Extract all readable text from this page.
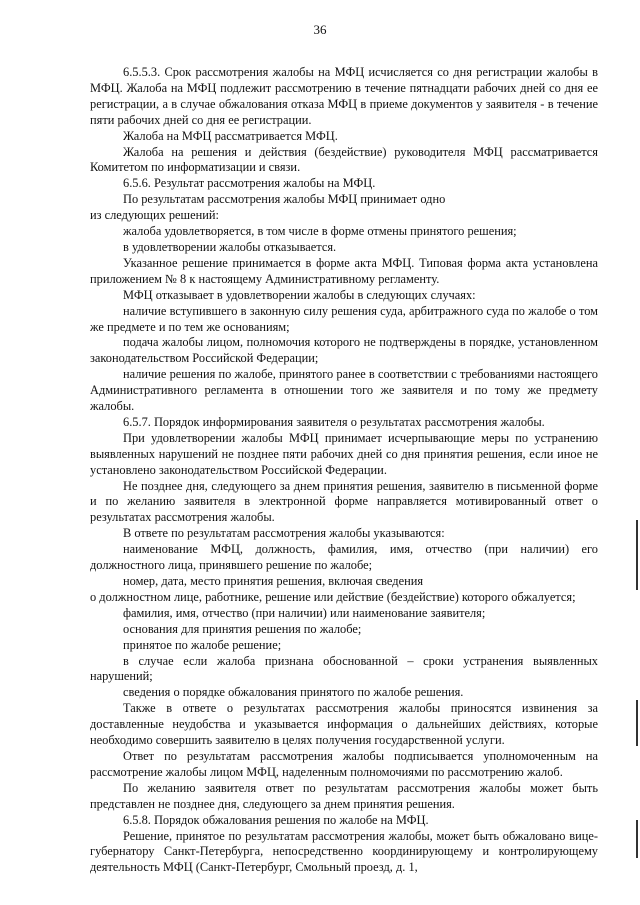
36

6.5.5.3. Срок рассмотрения жалобы на МФЦ исчисляется со дня регистрации жалобы в МФЦ. Жалоба на МФЦ подлежит рассмотрению в течение пятнадцати рабочих дней со дня ее регистрации, а в случае обжалования отказа МФЦ в приеме документов у заявителя - в течение пяти рабочих дней со дня ее регистрации.

Жалоба на МФЦ рассматривается МФЦ.

Жалоба на решения и действия (бездействие) руководителя МФЦ рассматривается Комитетом по информатизации и связи.

6.5.6. Результат рассмотрения жалобы на МФЦ.

По результатам рассмотрения жалобы МФЦ принимает одно

из следующих решений:

жалоба удовлетворяется, в том числе в форме отмены принятого решения;

в удовлетворении жалобы отказывается.

Указанное решение принимается в форме акта МФЦ. Типовая форма акта установлена приложением № 8 к настоящему Административному регламенту.

МФЦ отказывает в удовлетворении жалобы в следующих случаях:

наличие вступившего в законную силу решения суда, арбитражного суда по жалобе о том же предмете и по тем же основаниям;

подача жалобы лицом, полномочия которого не подтверждены в порядке, установленном законодательством Российской Федерации;

наличие решения по жалобе, принятого ранее в соответствии с требованиями настоящего Административного регламента в отношении того же заявителя и по тому же предмету жалобы.

6.5.7. Порядок информирования заявителя о результатах рассмотрения жалобы.

При удовлетворении жалобы МФЦ принимает исчерпывающие меры по устранению выявленных нарушений не позднее пяти рабочих дней со дня принятия решения, если иное не установлено законодательством Российской Федерации.

Не позднее дня, следующего за днем принятия решения, заявителю в письменной форме и по желанию заявителя в электронной форме направляется мотивированный ответ о результатах рассмотрения жалобы.

В ответе по результатам рассмотрения жалобы указываются:

наименование МФЦ, должность, фамилия, имя, отчество (при наличии) его должностного лица, принявшего решение по жалобе;

номер, дата, место принятия решения, включая сведения

о должностном лице, работнике, решение или действие (бездействие) которого обжалуется;

фамилия, имя, отчество (при наличии) или наименование заявителя;

основания для принятия решения по жалобе;

принятое по жалобе решение;

в случае если жалоба признана обоснованной – сроки устранения выявленных нарушений;

сведения о порядке обжалования принятого по жалобе решения.

Также в ответе о результатах рассмотрения жалобы приносятся извинения за доставленные неудобства и указывается информация о дальнейших действиях, которые необходимо совершить заявителю в целях получения государственной услуги.

Ответ по результатам рассмотрения жалобы подписывается уполномоченным на рассмотрение жалобы лицом МФЦ, наделенным полномочиями по рассмотрению жалоб.

По желанию заявителя ответ по результатам рассмотрения жалобы может быть представлен не позднее дня, следующего за днем принятия решения.

6.5.8. Порядок обжалования решения по жалобе на МФЦ.

Решение, принятое по результатам рассмотрения жалобы, может быть обжаловано вице-губернатору Санкт-Петербурга, непосредственно координирующему и контролирующему деятельность МФЦ (Санкт-Петербург, Смольный проезд, д. 1,
